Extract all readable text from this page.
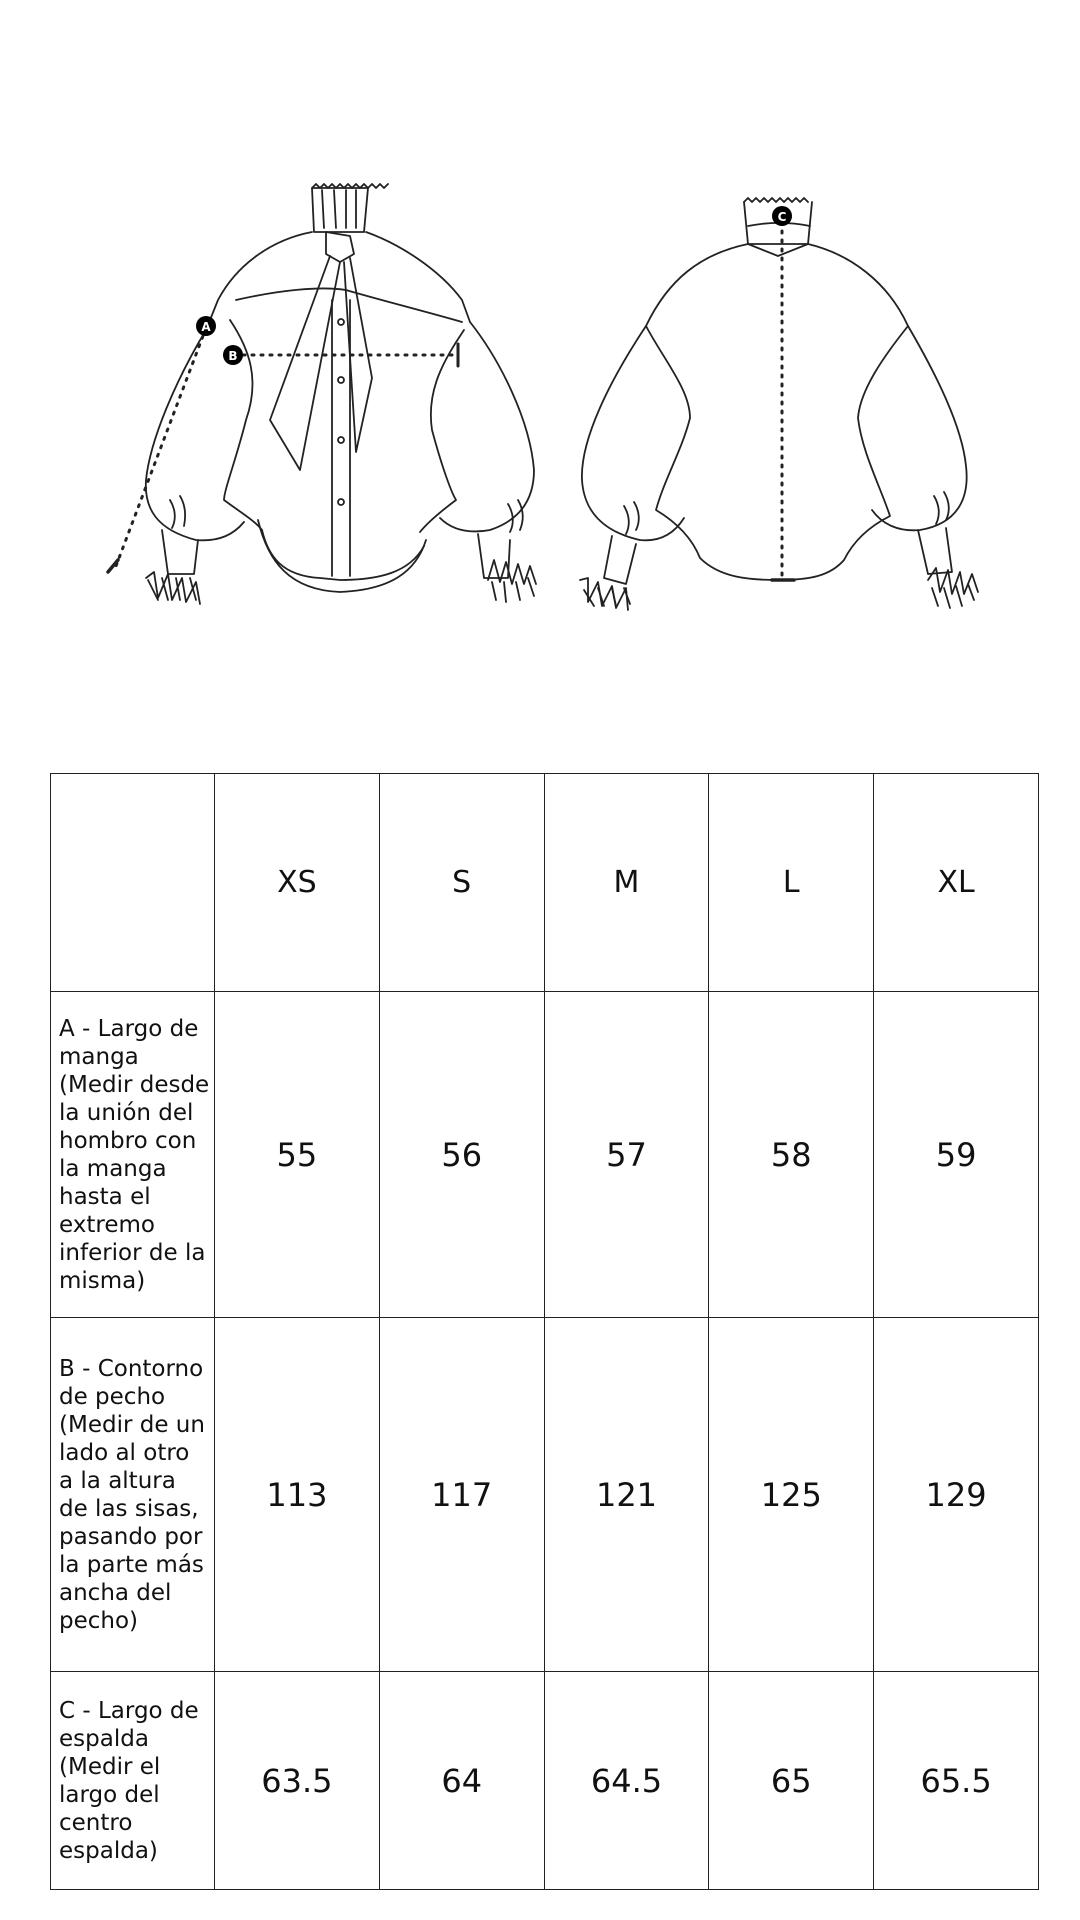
A
B
C
	XS	S	M	L	XL
A - Largo de manga (Medir desde la unión del hombro con la manga hasta el extremo inferior de la misma)	55	56	57	58	59
B - Contorno de pecho (Medir de un lado al otro a la altura de las sisas, pasando por la parte más ancha del pecho)	113	117	121	125	129
C - Largo de espalda (Medir el largo del centro espalda)	63.5	64	64.5	65	65.5
